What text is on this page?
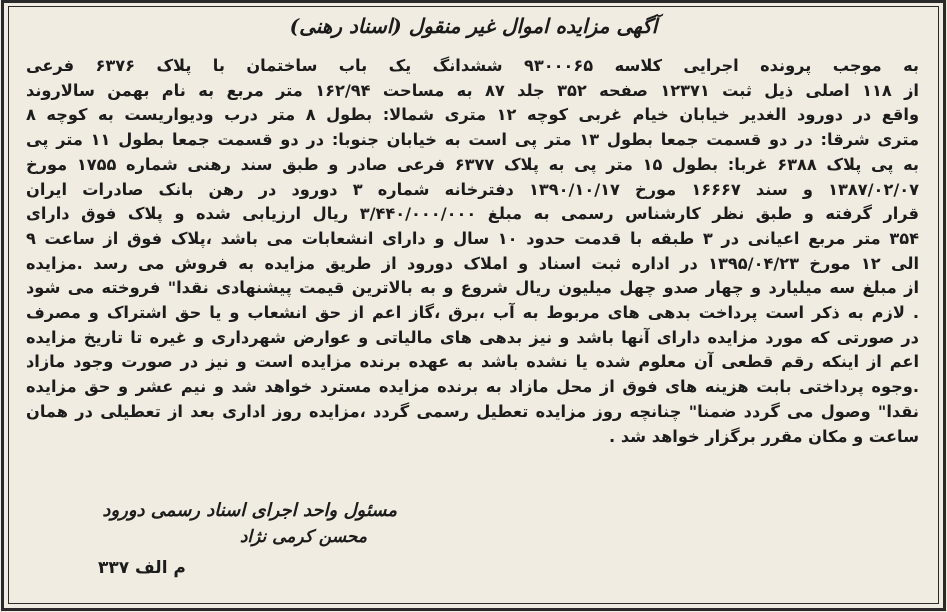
آگهی مزایده اموال غیر منقول (اسناد رهنی)

به موجب پرونده اجرایی کلاسه ۹۳۰۰۰۶۵ ششدانگ یک باب ساختمان با پلاک ۶۳۷۶ فرعی

از ۱۱۸ اصلی ذیل ثبت ۱۲۳۷۱ صفحه ۳۵۲ جلد ۸۷ به مساحت ۱۶۲/۹۴ متر مربع به نام بهمن سالاروند

واقع در دورود الغدیر خیابان خیام غربی کوچه ۱۲ متری شمالا: بطول ۸ متر درب ودیواریست به کوچه ۸

متری شرقا: در دو قسمت جمعا بطول ۱۳ متر پی است به خیابان جنوبا: در دو قسمت جمعا بطول ۱۱ متر پی

به پی پلاک ۶۳۸۸ غربا: بطول ۱۵ متر پی به پلاک ۶۳۷۷ فرعی صادر و طبق سند رهنی شماره ۱۷۵۵ مورخ

۱۳۸۷/۰۲/۰۷ و سند ۱۶۶۶۷ مورخ ۱۳۹۰/۱۰/۱۷ دفترخانه شماره ۳ دورود در رهن بانک صادرات ایران

قرار گرفته و طبق نظر کارشناس رسمی به مبلغ ۳/۴۴۰/۰۰۰/۰۰۰ ریال ارزیابی شده و پلاک فوق دارای

۳۵۴ متر مربع اعیانی در ۳ طبقه با قدمت حدود ۱۰ سال و دارای انشعابات می باشد ،پلاک فوق از ساعت ۹

الی ۱۲ مورخ ۱۳۹۵/۰۴/۲۳ در اداره ثبت اسناد و املاک دورود از طریق مزایده به فروش می رسد .مزایده

از مبلغ سه میلیارد و چهار صدو چهل میلیون ریال شروع و به بالاترین قیمت پیشنهادی نقدا" فروخته می شود

. لازم به ذکر است پرداخت بدهی های مربوط به آب ،برق ،گاز اعم از حق انشعاب و یا حق اشتراک و مصرف

در صورتی که مورد مزایده دارای آنها باشد و نیز بدهی های مالیاتی و عوارض شهرداری و غیره تا تاریخ مزایده

اعم از اینکه رقم قطعی آن معلوم شده یا نشده باشد به عهده برنده مزایده است و نیز در صورت وجود مازاد

.وجوه پرداختی بابت هزینه های فوق از محل مازاد به برنده مزایده مسترد خواهد شد و نیم عشر و حق مزایده

نقدا" وصول می گردد ضمنا" چنانچه روز مزایده تعطیل رسمی گردد ،مزایده روز اداری بعد از تعطیلی در همان

ساعت و مکان مقرر برگزار خواهد شد .

مسئول واحد اجرای اسناد رسمی دورود
محسن کرمی نژاد
م الف ۳۳۷
